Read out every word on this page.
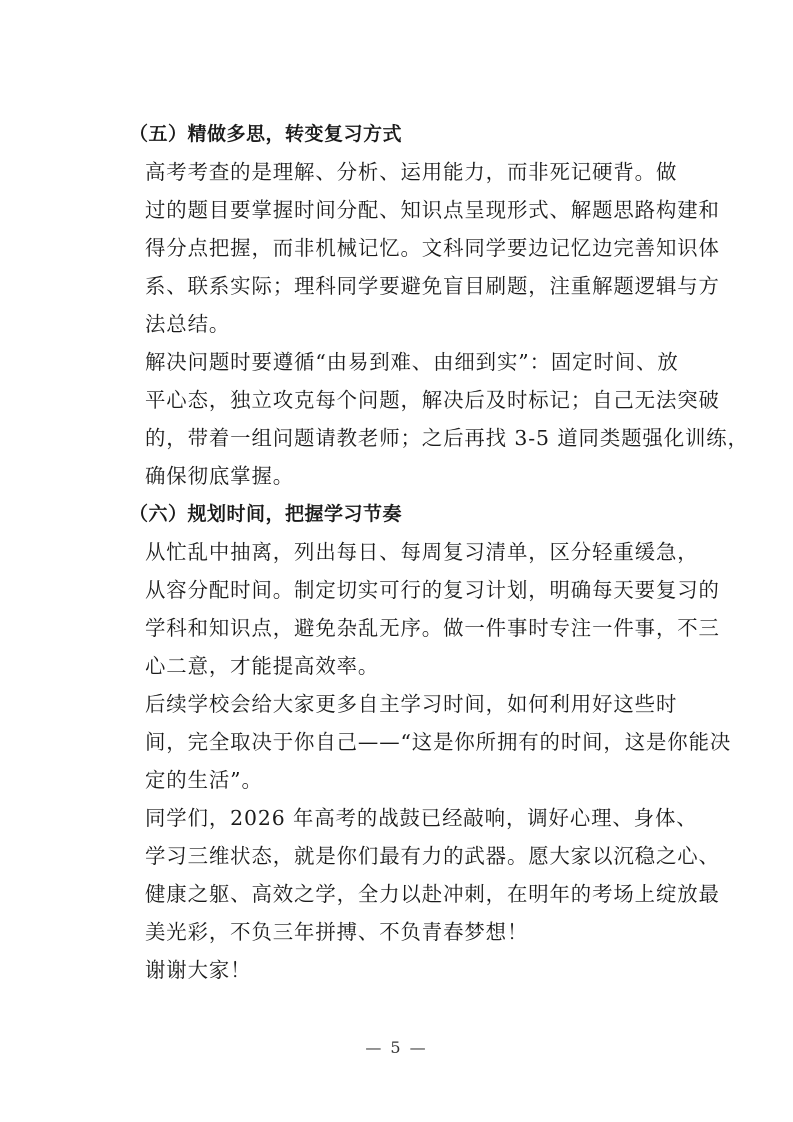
（五）精做多思，转变复习方式

高考考查的是理解、分析、运用能力，而非死记硬背。做
过的题目要掌握时间分配、知识点呈现形式、解题思路构建和
得分点把握，而非机械记忆。文科同学要边记忆边完善知识体
系、联系实际；理科同学要避免盲目刷题，注重解题逻辑与方
法总结。

解决问题时要遵循“由易到难、由细到实”：固定时间、放
平心态，独立攻克每个问题，解决后及时标记；自己无法突破
的，带着一组问题请教老师；之后再找 3-5 道同类题强化训练，
确保彻底掌握。

（六）规划时间，把握学习节奏

从忙乱中抽离，列出每日、每周复习清单，区分轻重缓急，
从容分配时间。制定切实可行的复习计划，明确每天要复习的
学科和知识点，避免杂乱无序。做一件事时专注一件事，不三
心二意，才能提高效率。

后续学校会给大家更多自主学习时间，如何利用好这些时
间，完全取决于你自己——“这是你所拥有的时间，这是你能决
定的生活”。

同学们，2026 年高考的战鼓已经敲响，调好心理、身体、
学习三维状态，就是你们最有力的武器。愿大家以沉稳之心、
健康之躯、高效之学，全力以赴冲刺，在明年的考场上绽放最
美光彩，不负三年拼搏、不负青春梦想！

谢谢大家！

— 5 —
